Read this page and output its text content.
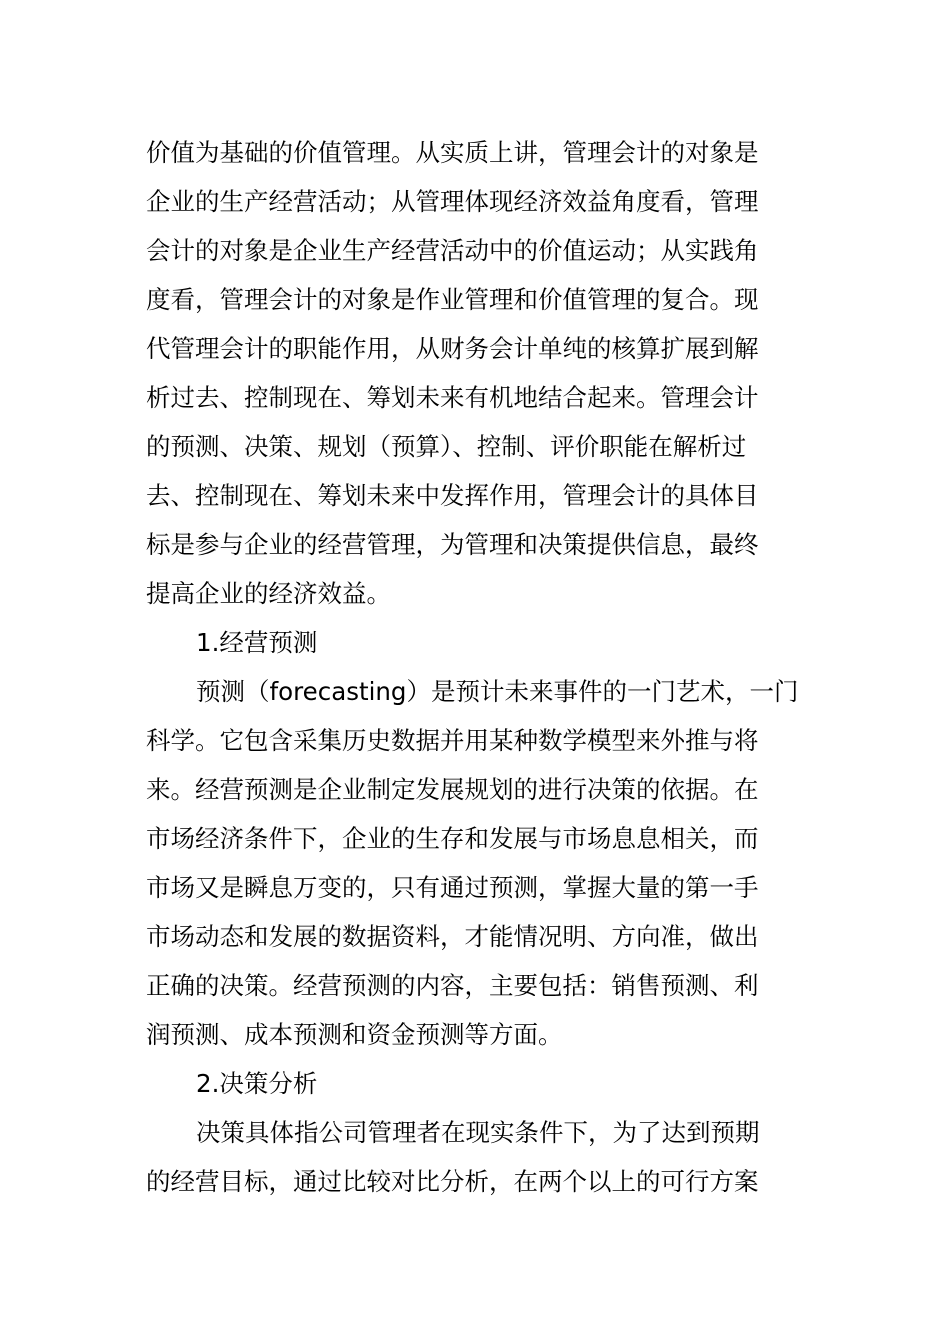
价值为基础的价值管理。从实质上讲，管理会计的对象是
企业的生产经营活动；从管理体现经济效益角度看，管理
会计的对象是企业生产经营活动中的价值运动；从实践角
度看，管理会计的对象是作业管理和价值管理的复合。现
代管理会计的职能作用，从财务会计单纯的核算扩展到解
析过去、控制现在、筹划未来有机地结合起来。管理会计
的预测、决策、规划（预算）、控制、评价职能在解析过
去、控制现在、筹划未来中发挥作用，管理会计的具体目
标是参与企业的经营管理，为管理和决策提供信息，最终
提高企业的经济效益。
1.经营预测
预测（forecasting）是预计未来事件的一门艺术，一门
科学。它包含采集历史数据并用某种数学模型来外推与将
来。经营预测是企业制定发展规划的进行决策的依据。在
市场经济条件下，企业的生存和发展与市场息息相关，而
市场又是瞬息万变的，只有通过预测，掌握大量的第一手
市场动态和发展的数据资料，才能情况明、方向准，做出
正确的决策。经营预测的内容，主要包括：销售预测、利
润预测、成本预测和资金预测等方面。
2.决策分析
决策具体指公司管理者在现实条件下，为了达到预期
的经营目标，通过比较对比分析，在两个以上的可行方案
